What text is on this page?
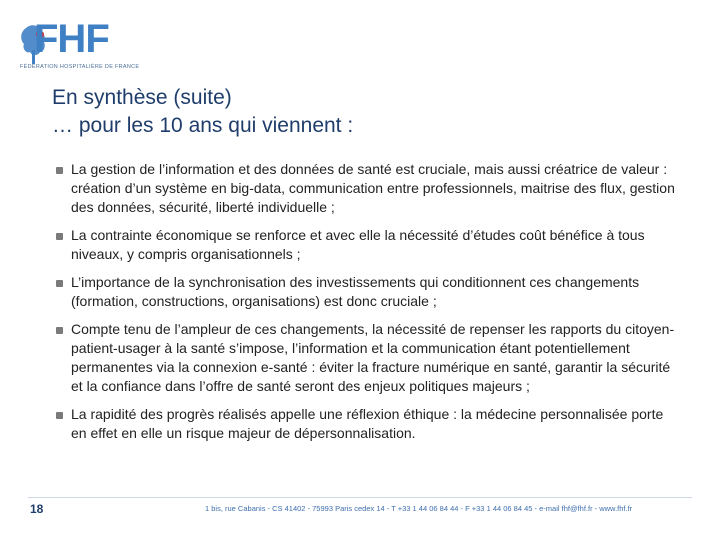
FHF
FÉDÉRATION HOSPITALIÈRE DE FRANCE
En synthèse (suite)
… pour les 10 ans qui viennent :
La gestion de l’information et des données de santé est cruciale, mais aussi créatrice de valeur : création d’un système en big-data, communication entre professionnels, maitrise des flux, gestion des données, sécurité, liberté individuelle ;
La contrainte économique se renforce et avec elle la nécessité d’études coût bénéfice à tous niveaux, y compris organisationnels ;
L’importance de la synchronisation des investissements qui conditionnent ces changements (formation, constructions, organisations) est donc cruciale ;
Compte tenu de l’ampleur de ces changements, la nécessité de repenser les rapports du citoyen-patient-usager à la santé s’impose, l’information et la communication étant potentiellement permanentes via la connexion e-santé : éviter la fracture numérique en santé, garantir la sécurité et la confiance dans l’offre de santé seront des enjeux politiques majeurs ;
La rapidité des progrès réalisés appelle une réflexion éthique : la médecine personnalisée porte en effet en elle un risque majeur de dépersonnalisation.
18	1 bis, rue Cabanis - CS 41402 - 75993 Paris cedex 14 - T +33 1 44 06 84 44 - F +33 1 44 06 84 45 - e-mail fhf@fhf.fr - www.fhf.fr
